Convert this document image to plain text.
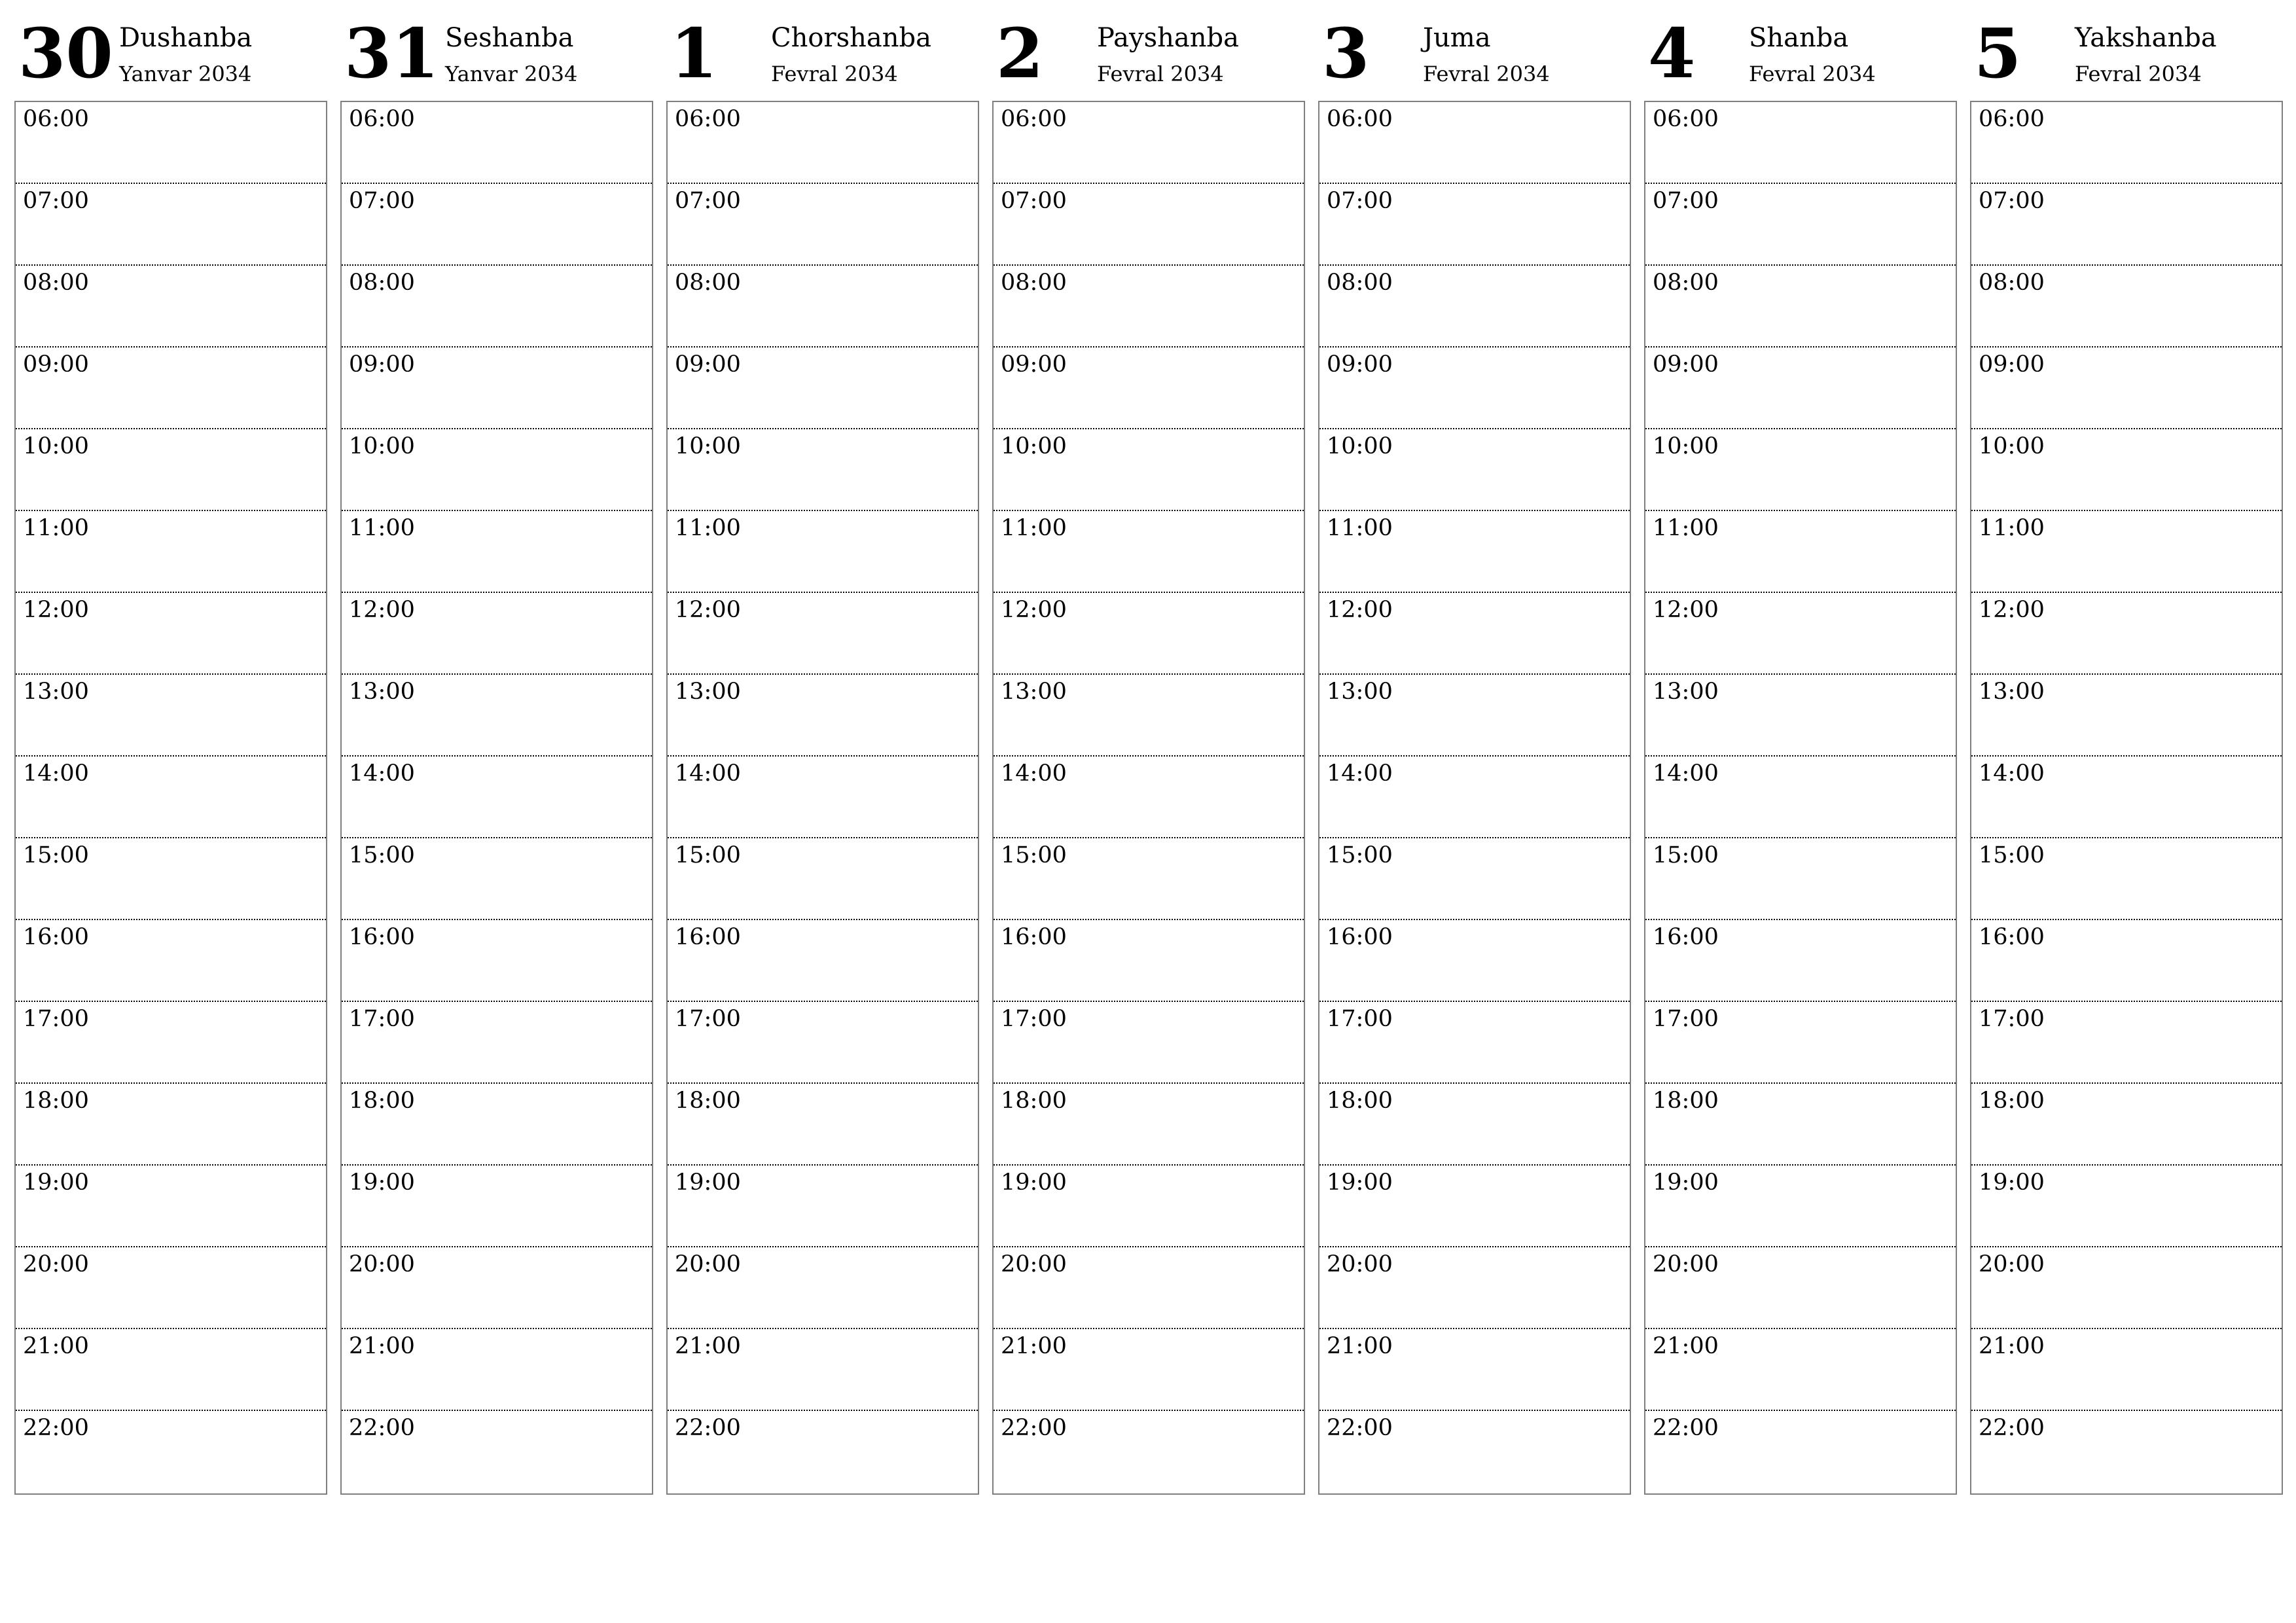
30 Dushanba
Yanvar 2034
06:00
07:00
08:00
09:00
10:00
11:00
12:00
13:00
14:00
15:00
16:00
17:00
18:00
19:00
20:00
21:00
22:00
31 Seshanba
Yanvar 2034
06:00
07:00
08:00
09:00
10:00
11:00
12:00
13:00
14:00
15:00
16:00
17:00
18:00
19:00
20:00
21:00
22:00
1 Chorshanba
Fevral 2034
06:00
07:00
08:00
09:00
10:00
11:00
12:00
13:00
14:00
15:00
16:00
17:00
18:00
19:00
20:00
21:00
22:00
2 Payshanba
Fevral 2034
06:00
07:00
08:00
09:00
10:00
11:00
12:00
13:00
14:00
15:00
16:00
17:00
18:00
19:00
20:00
21:00
22:00
3 Juma
Fevral 2034
06:00
07:00
08:00
09:00
10:00
11:00
12:00
13:00
14:00
15:00
16:00
17:00
18:00
19:00
20:00
21:00
22:00
4 Shanba
Fevral 2034
06:00
07:00
08:00
09:00
10:00
11:00
12:00
13:00
14:00
15:00
16:00
17:00
18:00
19:00
20:00
21:00
22:00
5 Yakshanba
Fevral 2034
06:00
07:00
08:00
09:00
10:00
11:00
12:00
13:00
14:00
15:00
16:00
17:00
18:00
19:00
20:00
21:00
22:00
